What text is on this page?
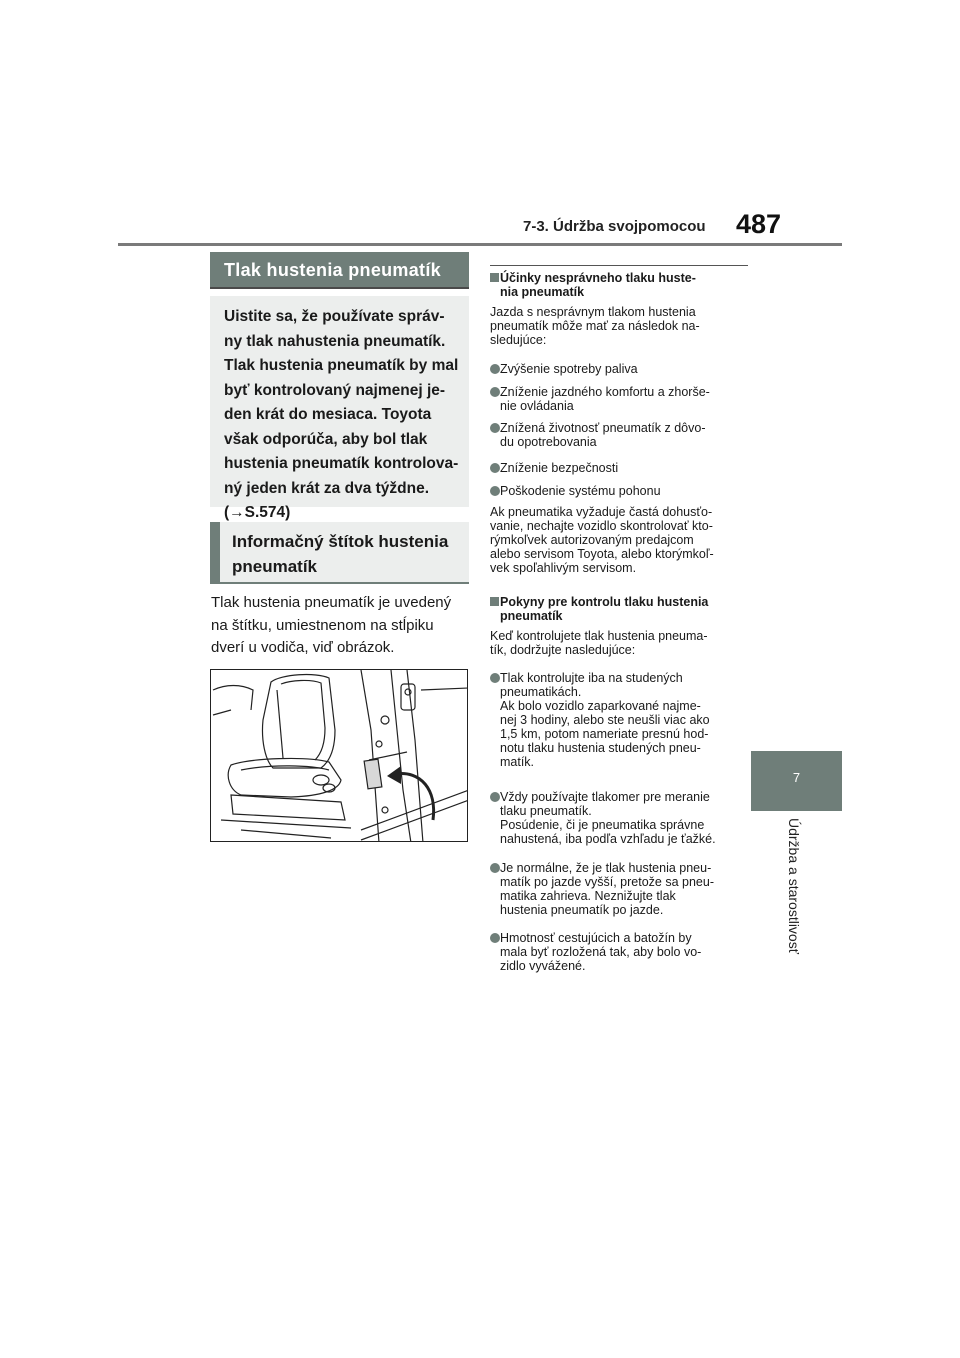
7-3. Údržba svojpomocou 487
7
Údržba a starostlivosť
Tlak hustenia pneumatík
Uistite sa, že používate správ-
ny tlak nahustenia pneumatík.
Tlak hustenia pneumatík by mal
byť kontrolovaný najmenej je-
den krát do mesiaca. Toyota
však odporúča, aby bol tlak
hustenia pneumatík kontrolova-
ný jeden krát za dva týždne.
(→S.574)
Informačný štítok hustenia
pneumatík
Tlak hustenia pneumatík je uvedený
na štítku, umiestnenom na stĺpiku
dverí u vodiča, viď obrázok.
Účinky nesprávneho tlaku huste-
nia pneumatík
Jazda s nesprávnym tlakom hustenia
pneumatík môže mať za následok na-
sledujúce:
Zvýšenie spotreby paliva
Zníženie jazdného komfortu a zhorše-
nie ovládania
Znížená životnosť pneumatík z dôvo-
du opotrebovania
Zníženie bezpečnosti
Poškodenie systému pohonu
Ak pneumatika vyžaduje častá dohusťo-
vanie, nechajte vozidlo skontrolovať kto-
rýmkoľvek autorizovaným predajcom
alebo servisom Toyota, alebo ktorýmkoľ-
vek spoľahlivým servisom.
Pokyny pre kontrolu tlaku hustenia
pneumatík
Keď kontrolujete tlak hustenia pneuma-
tík, dodržujte nasledujúce:
Tlak kontrolujte iba na studených
pneumatikách.
Ak bolo vozidlo zaparkované najme-
nej 3 hodiny, alebo ste neušli viac ako
1,5 km, potom nameriate presnú hod-
notu tlaku hustenia studených pneu-
matík.
Vždy používajte tlakomer pre meranie
tlaku pneumatík.
Posúdenie, či je pneumatika správne
nahustená, iba podľa vzhľadu je ťažké.
Je normálne, že je tlak hustenia pneu-
matík po jazde vyšší, pretože sa pneu-
matika zahrieva. Neznižujte tlak
hustenia pneumatík po jazde.
Hmotnosť cestujúcich a batožín by
mala byť rozložená tak, aby bolo vo-
zidlo vyvážené.
